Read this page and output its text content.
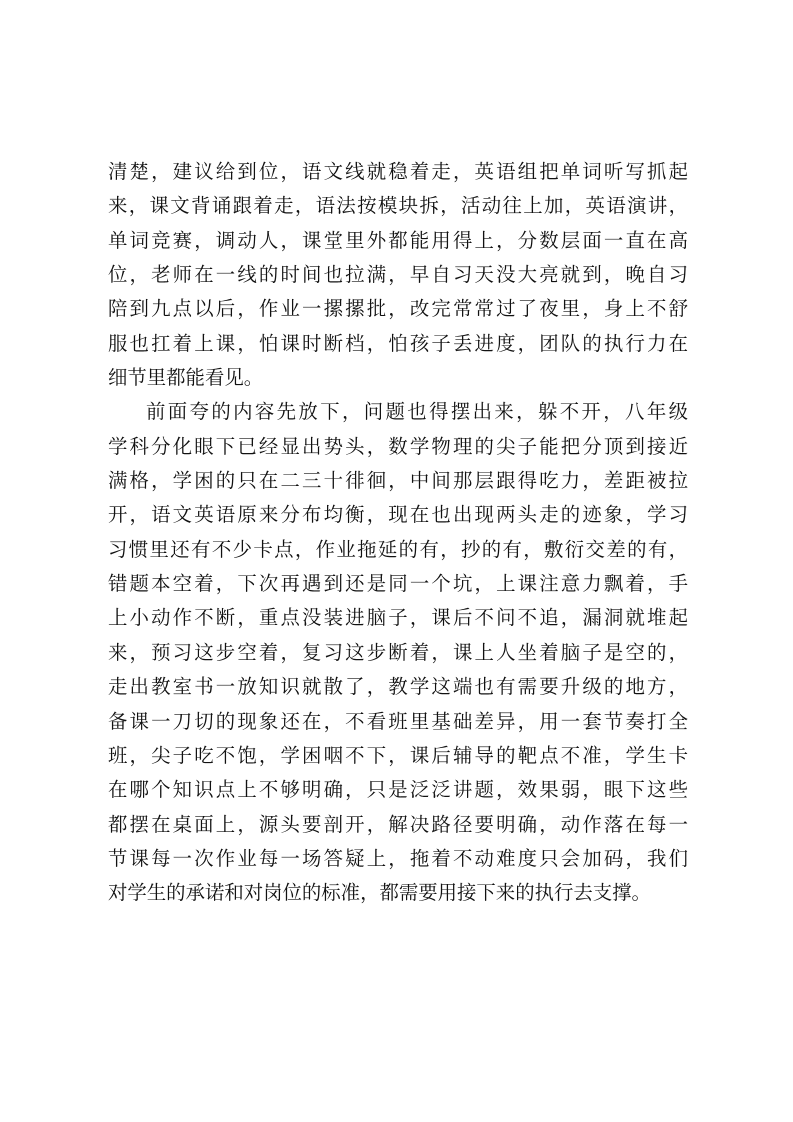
清楚，建议给到位，语文线就稳着走，英语组把单词听写抓起
来，课文背诵跟着走，语法按模块拆，活动往上加，英语演讲，
单词竞赛，调动人，课堂里外都能用得上，分数层面一直在高
位，老师在一线的时间也拉满，早自习天没大亮就到，晚自习
陪到九点以后，作业一摞摞批，改完常常过了夜里，身上不舒
服也扛着上课，怕课时断档，怕孩子丢进度，团队的执行力在
细节里都能看见。
前面夸的内容先放下，问题也得摆出来，躲不开，八年级
学科分化眼下已经显出势头，数学物理的尖子能把分顶到接近
满格，学困的只在二三十徘徊，中间那层跟得吃力，差距被拉
开，语文英语原来分布均衡，现在也出现两头走的迹象，学习
习惯里还有不少卡点，作业拖延的有，抄的有，敷衍交差的有，
错题本空着，下次再遇到还是同一个坑，上课注意力飘着，手
上小动作不断，重点没装进脑子，课后不问不追，漏洞就堆起
来，预习这步空着，复习这步断着，课上人坐着脑子是空的，
走出教室书一放知识就散了，教学这端也有需要升级的地方，
备课一刀切的现象还在，不看班里基础差异，用一套节奏打全
班，尖子吃不饱，学困咽不下，课后辅导的靶点不准，学生卡
在哪个知识点上不够明确，只是泛泛讲题，效果弱，眼下这些
都摆在桌面上，源头要剖开，解决路径要明确，动作落在每一
节课每一次作业每一场答疑上，拖着不动难度只会加码，我们
对学生的承诺和对岗位的标准，都需要用接下来的执行去支撑。
